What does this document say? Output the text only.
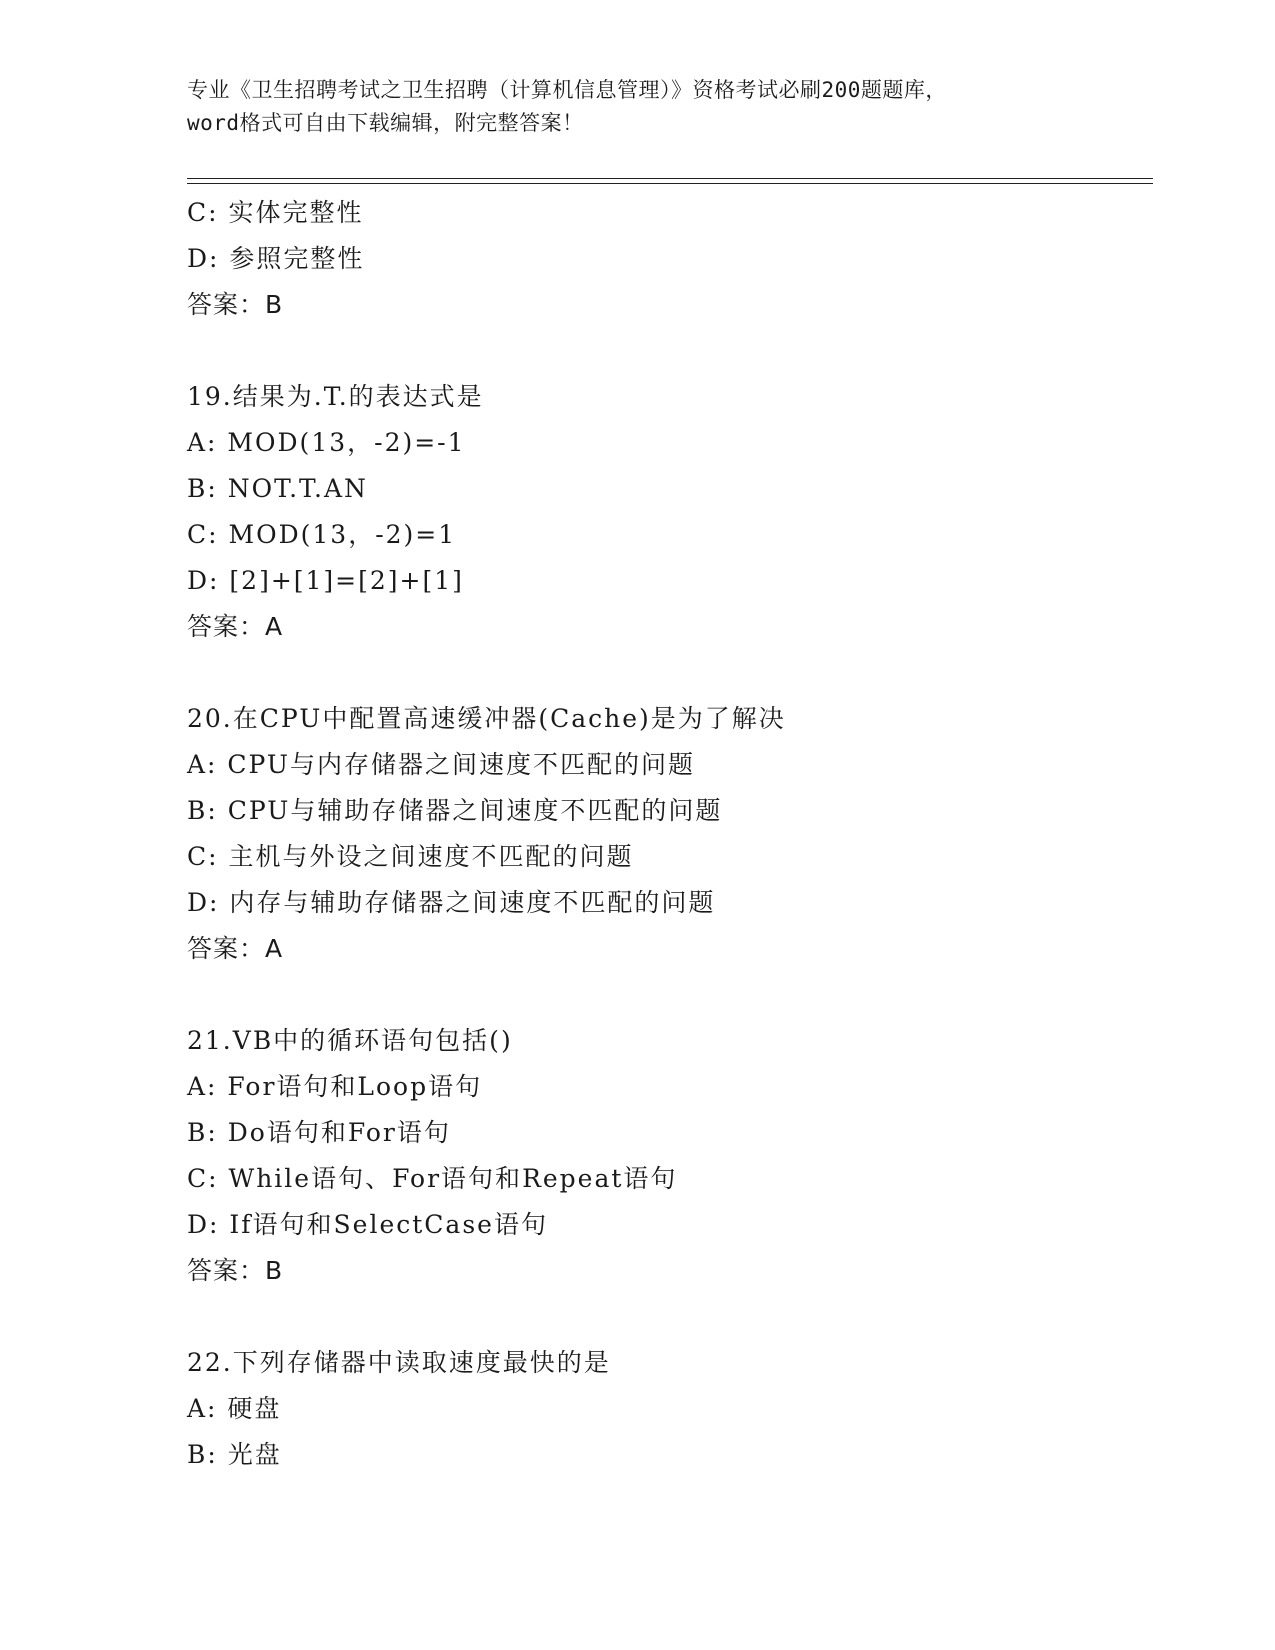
专业《卫生招聘考试之卫生招聘（计算机信息管理）》资格考试必刷200题题库，
word格式可自由下载编辑，附完整答案！
C: 实体完整性
D: 参照完整性
答案：B
19.结果为.T.的表达式是
A: MOD(13，-2)=-1
B: NOT.T.AN
C: MOD(13，-2)=1
D: [2]+[1]=[2]+[1]
答案：A
20.在CPU中配置高速缓冲器(Cache)是为了解决
A: CPU与内存储器之间速度不匹配的问题
B: CPU与辅助存储器之间速度不匹配的问题
C: 主机与外设之间速度不匹配的问题
D: 内存与辅助存储器之间速度不匹配的问题
答案：A
21.VB中的循环语句包括()
A: For语句和Loop语句
B: Do语句和For语句
C: While语句、For语句和Repeat语句
D: If语句和SelectCase语句
答案：B
22.下列存储器中读取速度最快的是
A: 硬盘
B: 光盘
